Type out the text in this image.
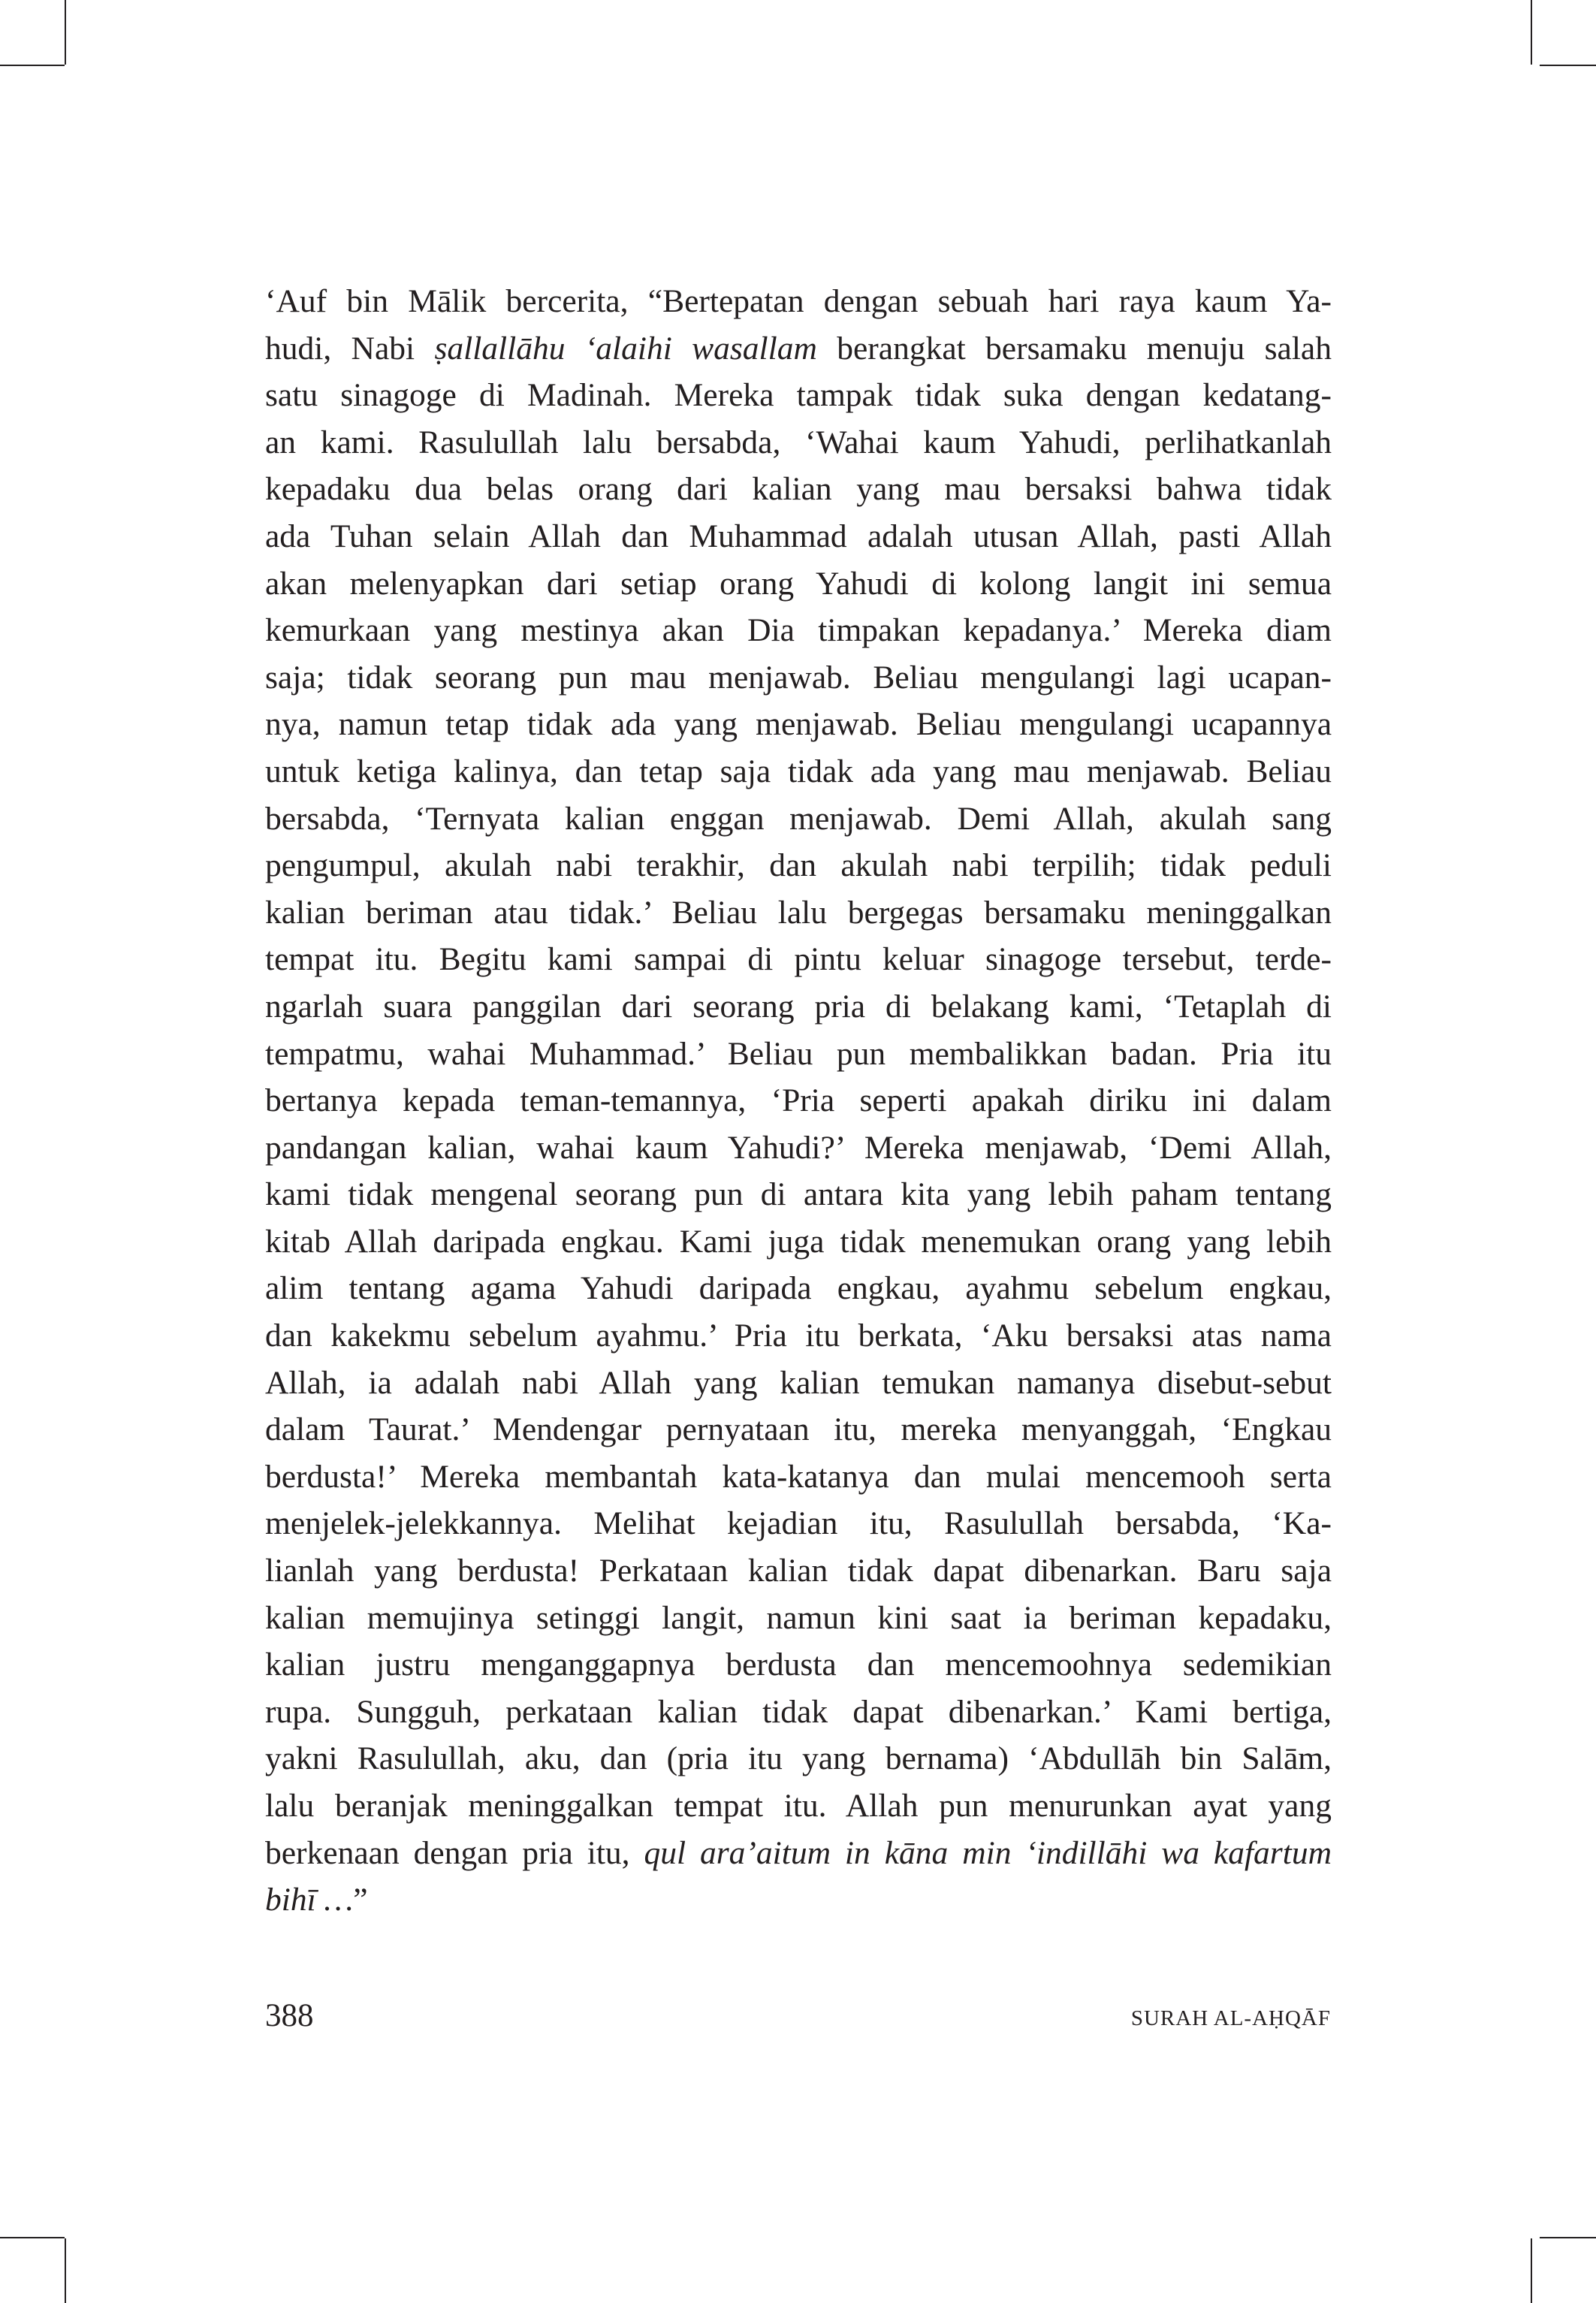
‘Auf bin Mālik bercerita, “Bertepatan dengan sebuah hari raya kaum Ya-
hudi, Nabi ṣallallāhu ‘alaihi wasallam berangkat bersamaku menuju salah
satu sinagoge di Madinah. Mereka tampak tidak suka dengan kedatang-
an kami. Rasulullah lalu bersabda, ‘Wahai kaum Yahudi, perlihatkanlah
kepadaku dua belas orang dari kalian yang mau bersaksi bahwa tidak
ada Tuhan selain Allah dan Muhammad adalah utusan Allah, pasti Allah
akan melenyapkan dari setiap orang Yahudi di kolong langit ini semua
kemurkaan yang mestinya akan Dia timpakan kepadanya.’ Mereka diam
saja; tidak seorang pun mau menjawab. Beliau mengulangi lagi ucapan-
nya, namun tetap tidak ada yang menjawab. Beliau mengulangi ucapannya
untuk ketiga kalinya, dan tetap saja tidak ada yang mau menjawab. Beliau
bersabda, ‘Ternyata kalian enggan menjawab. Demi Allah, akulah sang
pengumpul, akulah nabi terakhir, dan akulah nabi terpilih; tidak peduli
kalian beriman atau tidak.’ Beliau lalu bergegas bersamaku meninggalkan
tempat itu. Begitu kami sampai di pintu keluar sinagoge tersebut, terde-
ngarlah suara panggilan dari seorang pria di belakang kami, ‘Tetaplah di
tempatmu, wahai Muhammad.’ Beliau pun membalikkan badan. Pria itu
bertanya kepada teman-temannya, ‘Pria seperti apakah diriku ini dalam
pandangan kalian, wahai kaum Yahudi?’ Mereka menjawab, ‘Demi Allah,
kami tidak mengenal seorang pun di antara kita yang lebih paham tentang
kitab Allah daripada engkau. Kami juga tidak menemukan orang yang lebih
alim tentang agama Yahudi daripada engkau, ayahmu sebelum engkau,
dan kakekmu sebelum ayahmu.’ Pria itu berkata, ‘Aku bersaksi atas nama
Allah, ia adalah nabi Allah yang kalian temukan namanya disebut-sebut
dalam Taurat.’ Mendengar pernyataan itu, mereka menyanggah, ‘Engkau
berdusta!’ Mereka membantah kata-katanya dan mulai mencemooh serta
menjelek-jelekkannya. Melihat kejadian itu, Rasulullah bersabda, ‘Ka-
lianlah yang berdusta! Perkataan kalian tidak dapat dibenarkan. Baru saja
kalian memujinya setinggi langit, namun kini saat ia beriman kepadaku,
kalian justru menganggapnya berdusta dan mencemoohnya sedemikian
rupa. Sungguh, perkataan kalian tidak dapat dibenarkan.’ Kami bertiga,
yakni Rasulullah, aku, dan (pria itu yang bernama) ‘Abdullāh bin Salām,
lalu beranjak meninggalkan tempat itu. Allah pun menurunkan ayat yang
berkenaan dengan pria itu, qul ara’aitum in kāna min ‘indillāhi wa kafartum
bihī …”
388	SURAH AL-AḤQĀF
